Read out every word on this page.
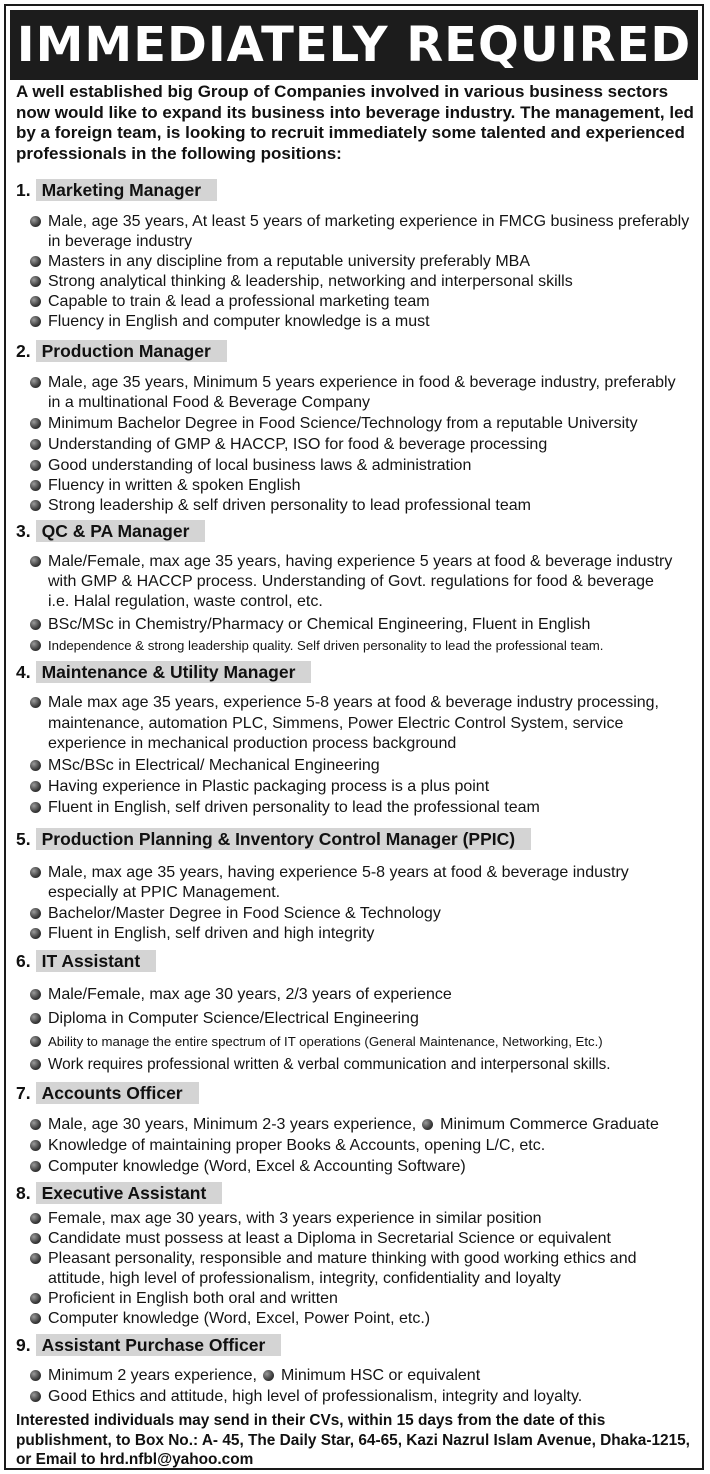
IMMEDIATELY REQUIRED
A well established big Group of Companies involved in various business sectors now would like to expand its business into beverage industry. The management, led by a foreign team, is looking to recruit immediately some talented and experienced professionals in the following positions:
1. Marketing Manager
Male, age 35 years, At least 5 years of marketing experience in FMCG business preferably
in beverage industry
Masters in any discipline from a reputable university preferably MBA
Strong analytical thinking & leadership, networking and interpersonal skills
Capable to train & lead a professional marketing team
Fluency in English and computer knowledge is a must
2. Production Manager
Male, age 35 years, Minimum 5 years experience in food & beverage industry, preferably
in a multinational Food & Beverage Company
Minimum Bachelor Degree in Food Science/Technology from a reputable University
Understanding of GMP & HACCP, ISO for food & beverage processing
Good understanding of local business laws & administration
Fluency in written & spoken English
Strong leadership & self driven personality to lead professional team
3. QC & PA Manager
Male/Female, max age 35 years, having experience 5 years at food & beverage industry
with GMP & HACCP process. Understanding of Govt. regulations for food & beverage
i.e. Halal regulation, waste control, etc.
BSc/MSc in Chemistry/Pharmacy or Chemical Engineering, Fluent in English
Independence & strong leadership quality. Self driven personality to lead the professional team.
4. Maintenance & Utility Manager
Male max age 35 years, experience 5-8 years at food & beverage industry processing,
maintenance, automation PLC, Simmens, Power Electric Control System, service
experience in mechanical production process background
MSc/BSc in Electrical/ Mechanical Engineering
Having experience in Plastic packaging process is a plus point
Fluent in English, self driven personality to lead the professional team
5. Production Planning & Inventory Control Manager (PPIC)
Male, max age 35 years, having experience 5-8 years at food & beverage industry
especially at PPIC Management.
Bachelor/Master Degree in Food Science & Technology
Fluent in English, self driven and high integrity
6. IT Assistant
Male/Female, max age 30 years, 2/3 years of experience
Diploma in Computer Science/Electrical Engineering
Ability to manage the entire spectrum of IT operations (General Maintenance, Networking, Etc.)
Work requires professional written & verbal communication and interpersonal skills.
7. Accounts Officer
Male, age 30 years, Minimum 2-3 years experience, Minimum Commerce Graduate
Knowledge of maintaining proper Books & Accounts, opening L/C, etc.
Computer knowledge (Word, Excel & Accounting Software)
8. Executive Assistant
Female, max age 30 years, with 3 years experience in similar position
Candidate must possess at least a Diploma in Secretarial Science or equivalent
Pleasant personality, responsible and mature thinking with good working ethics and
attitude, high level of professionalism, integrity, confidentiality and loyalty
Proficient in English both oral and written
Computer knowledge (Word, Excel, Power Point, etc.)
9. Assistant Purchase Officer
Minimum 2 years experience, Minimum HSC or equivalent
Good Ethics and attitude, high level of professionalism, integrity and loyalty.
Interested individuals may send in their CVs, within 15 days from the date of this publishment, to Box No.: A- 45, The Daily Star, 64-65, Kazi Nazrul Islam Avenue, Dhaka-1215, or Email to hrd.nfbl@yahoo.com
